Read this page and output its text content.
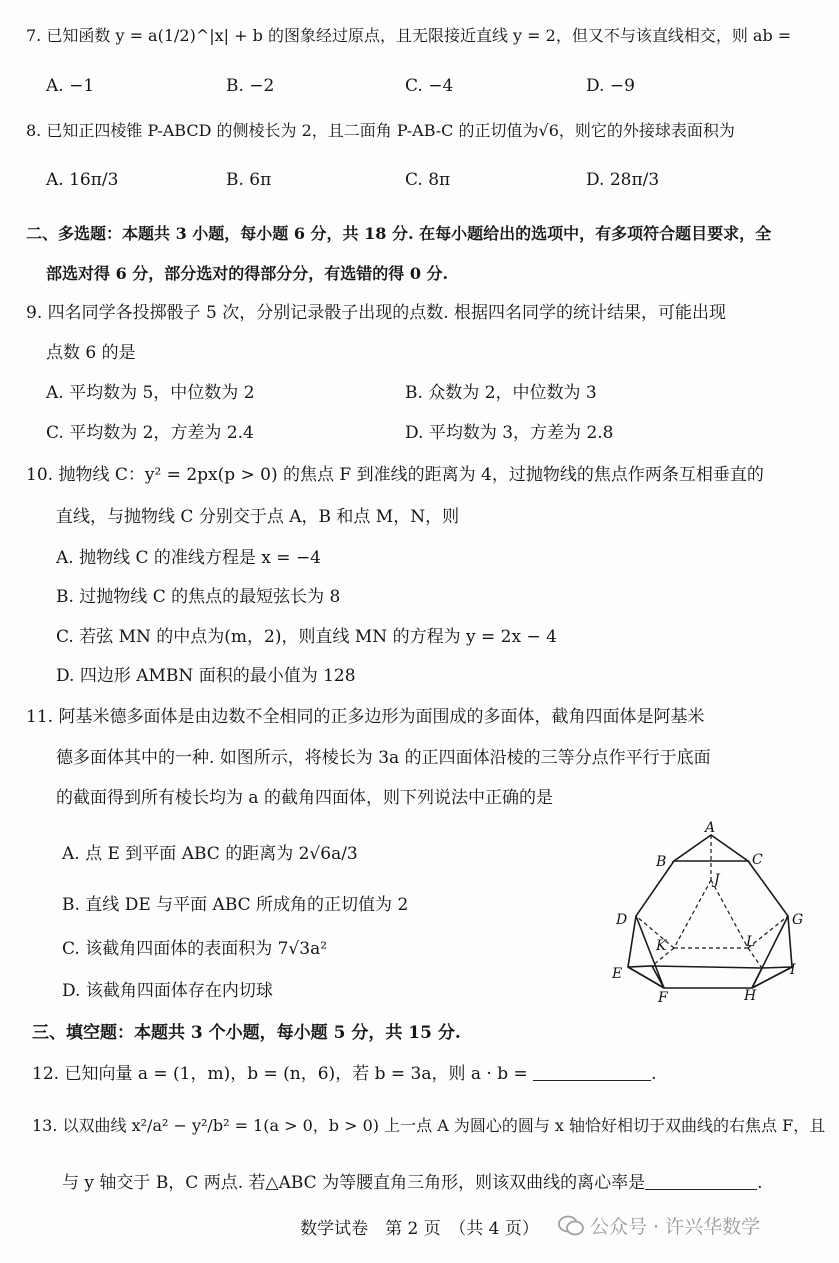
7. 已知函数 y = a(1/2)^|x| + b 的图象经过原点，且无限接近直线 y = 2，但又不与该直线相交，则 ab =
A. −1	B. −2	C. −4	D. −9
8. 已知正四棱锥 P-ABCD 的侧棱长为 2，且二面角 P-AB-C 的正切值为√6，则它的外接球表面积为
A. 16π/3	B. 6π	C. 8π	D. 28π/3
二、多选题：本题共 3 小题，每小题 6 分，共 18 分. 在每小题给出的选项中，有多项符合题目要求，全
部选对得 6 分，部分选对的得部分分，有选错的得 0 分.
9. 四名同学各投掷骰子 5 次，分别记录骰子出现的点数. 根据四名同学的统计结果，可能出现
点数 6 的是
A. 平均数为 5，中位数为 2	B. 众数为 2，中位数为 3
C. 平均数为 2，方差为 2.4	D. 平均数为 3，方差为 2.8
10. 抛物线 C：y² = 2px(p > 0) 的焦点 F 到准线的距离为 4，过抛物线的焦点作两条互相垂直的
直线，与抛物线 C 分别交于点 A，B 和点 M，N，则
A. 抛物线 C 的准线方程是 x = −4
B. 过抛物线 C 的焦点的最短弦长为 8
C. 若弦 MN 的中点为(m，2)，则直线 MN 的方程为 y = 2x − 4
D. 四边形 AMBN 面积的最小值为 128
11. 阿基米德多面体是由边数不全相同的正多边形为面围成的多面体，截角四面体是阿基米
德多面体其中的一种. 如图所示，将棱长为 3a 的正四面体沿棱的三等分点作平行于底面
的截面得到所有棱长均为 a 的截角四面体，则下列说法中正确的是
A. 点 E 到平面 ABC 的距离为 2√6a/3
B. 直线 DE 与平面 ABC 所成角的正切值为 2
C. 该截角四面体的表面积为 7√3a²
D. 该截角四面体存在内切球
A
B	C
J
D	G
K	L
E	I
F	H
三、填空题：本题共 3 个小题，每小题 5 分，共 15 分.
12. 已知向量 a = (1，m)，b = (n，6)，若 b = 3a，则 a · b =	.
13. 以双曲线 x²/a² − y²/b² = 1(a > 0，b > 0) 上一点 A 为圆心的圆与 x 轴恰好相切于双曲线的右焦点 F，且
与 y 轴交于 B，C 两点. 若△ABC 为等腰直角三角形，则该双曲线的离心率是	.
数学试卷　第 2 页　（共 4 页）	公众号 · 许兴华数学
